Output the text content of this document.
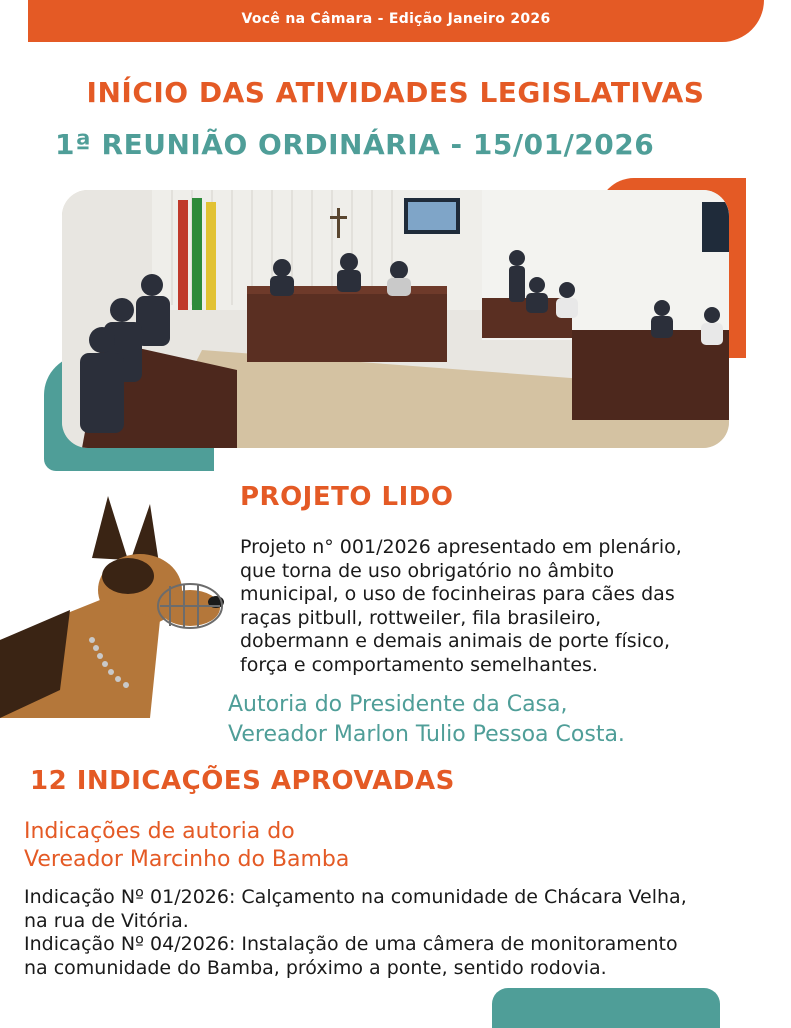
Você na Câmara - Edição Janeiro 2026
INÍCIO DAS ATIVIDADES LEGISLATIVAS
1ª REUNIÃO ORDINÁRIA - 15/01/2026
PROJETO LIDO
Projeto n° 001/2026 apresentado em plenário,
que torna de uso obrigatório no âmbito
municipal, o uso de focinheiras para cães das
raças pitbull, rottweiler, fila brasileiro,
dobermann e demais animais de porte físico,
força e comportamento semelhantes.
Autoria do Presidente da Casa,
Vereador Marlon Tulio Pessoa Costa.
12 INDICAÇÕES APROVADAS
Indicações de autoria do
Vereador Marcinho do Bamba
Indicação Nº 01/2026: Calçamento na comunidade de Chácara Velha,
na rua de Vitória.
Indicação Nº 04/2026: Instalação de uma câmera de monitoramento
na comunidade do Bamba, próximo a ponte, sentido rodovia.
